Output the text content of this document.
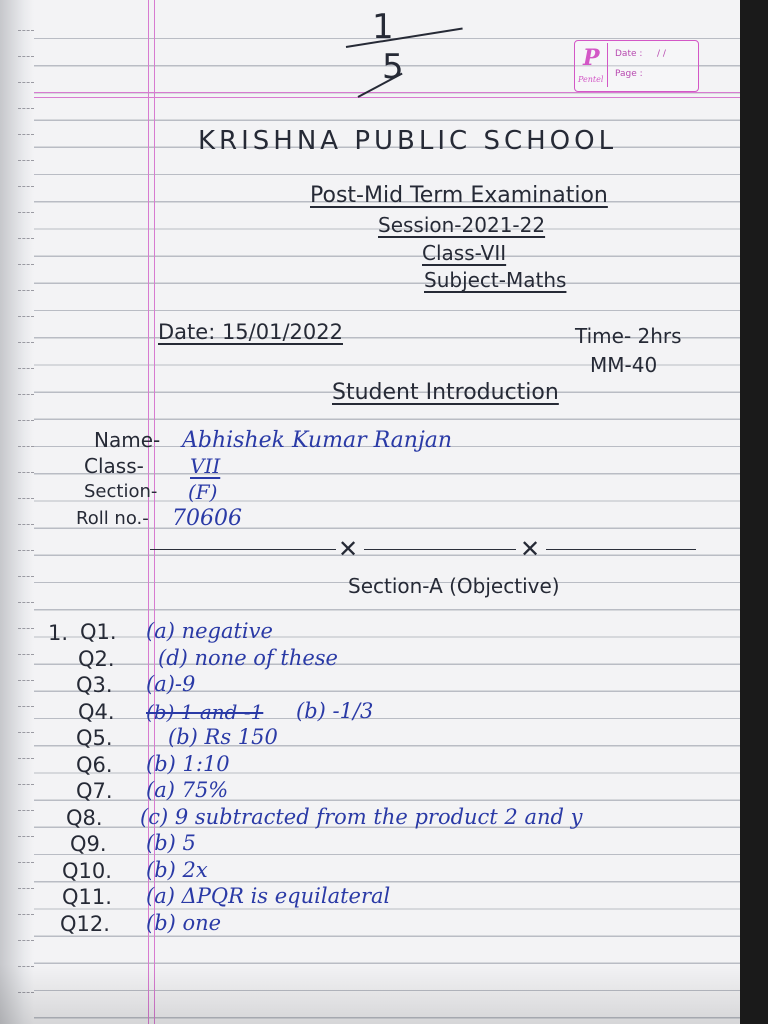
1
5	P
Pentel
Date : / /
Page :
KRISHNA PUBLIC SCHOOL
Post-Mid Term Examination
Session-2021-22
Class-VII
Subject-Maths
Date: 15/01/2022	Time- 2hrs
MM-40
Student Introduction
Name- Abhishek Kumar Ranjan
Class- VII
Section- (F)
Roll no.- 70606
✕	✕
Section-A (Objective)
1. Q1. (a) negative
Q2. (d) none of these
Q3. (a)-9
Q4. (b) 1 and -1 (b) -1/3
Q5.	(b) Rs 150
Q6. (b) 1:10
Q7. (a) 75%
Q8. (c) 9 subtracted from the product 2 and y
Q9. (b) 5
Q10. (b) 2x
Q11. (a) ΔPQR is equilateral
Q12. (b) one
